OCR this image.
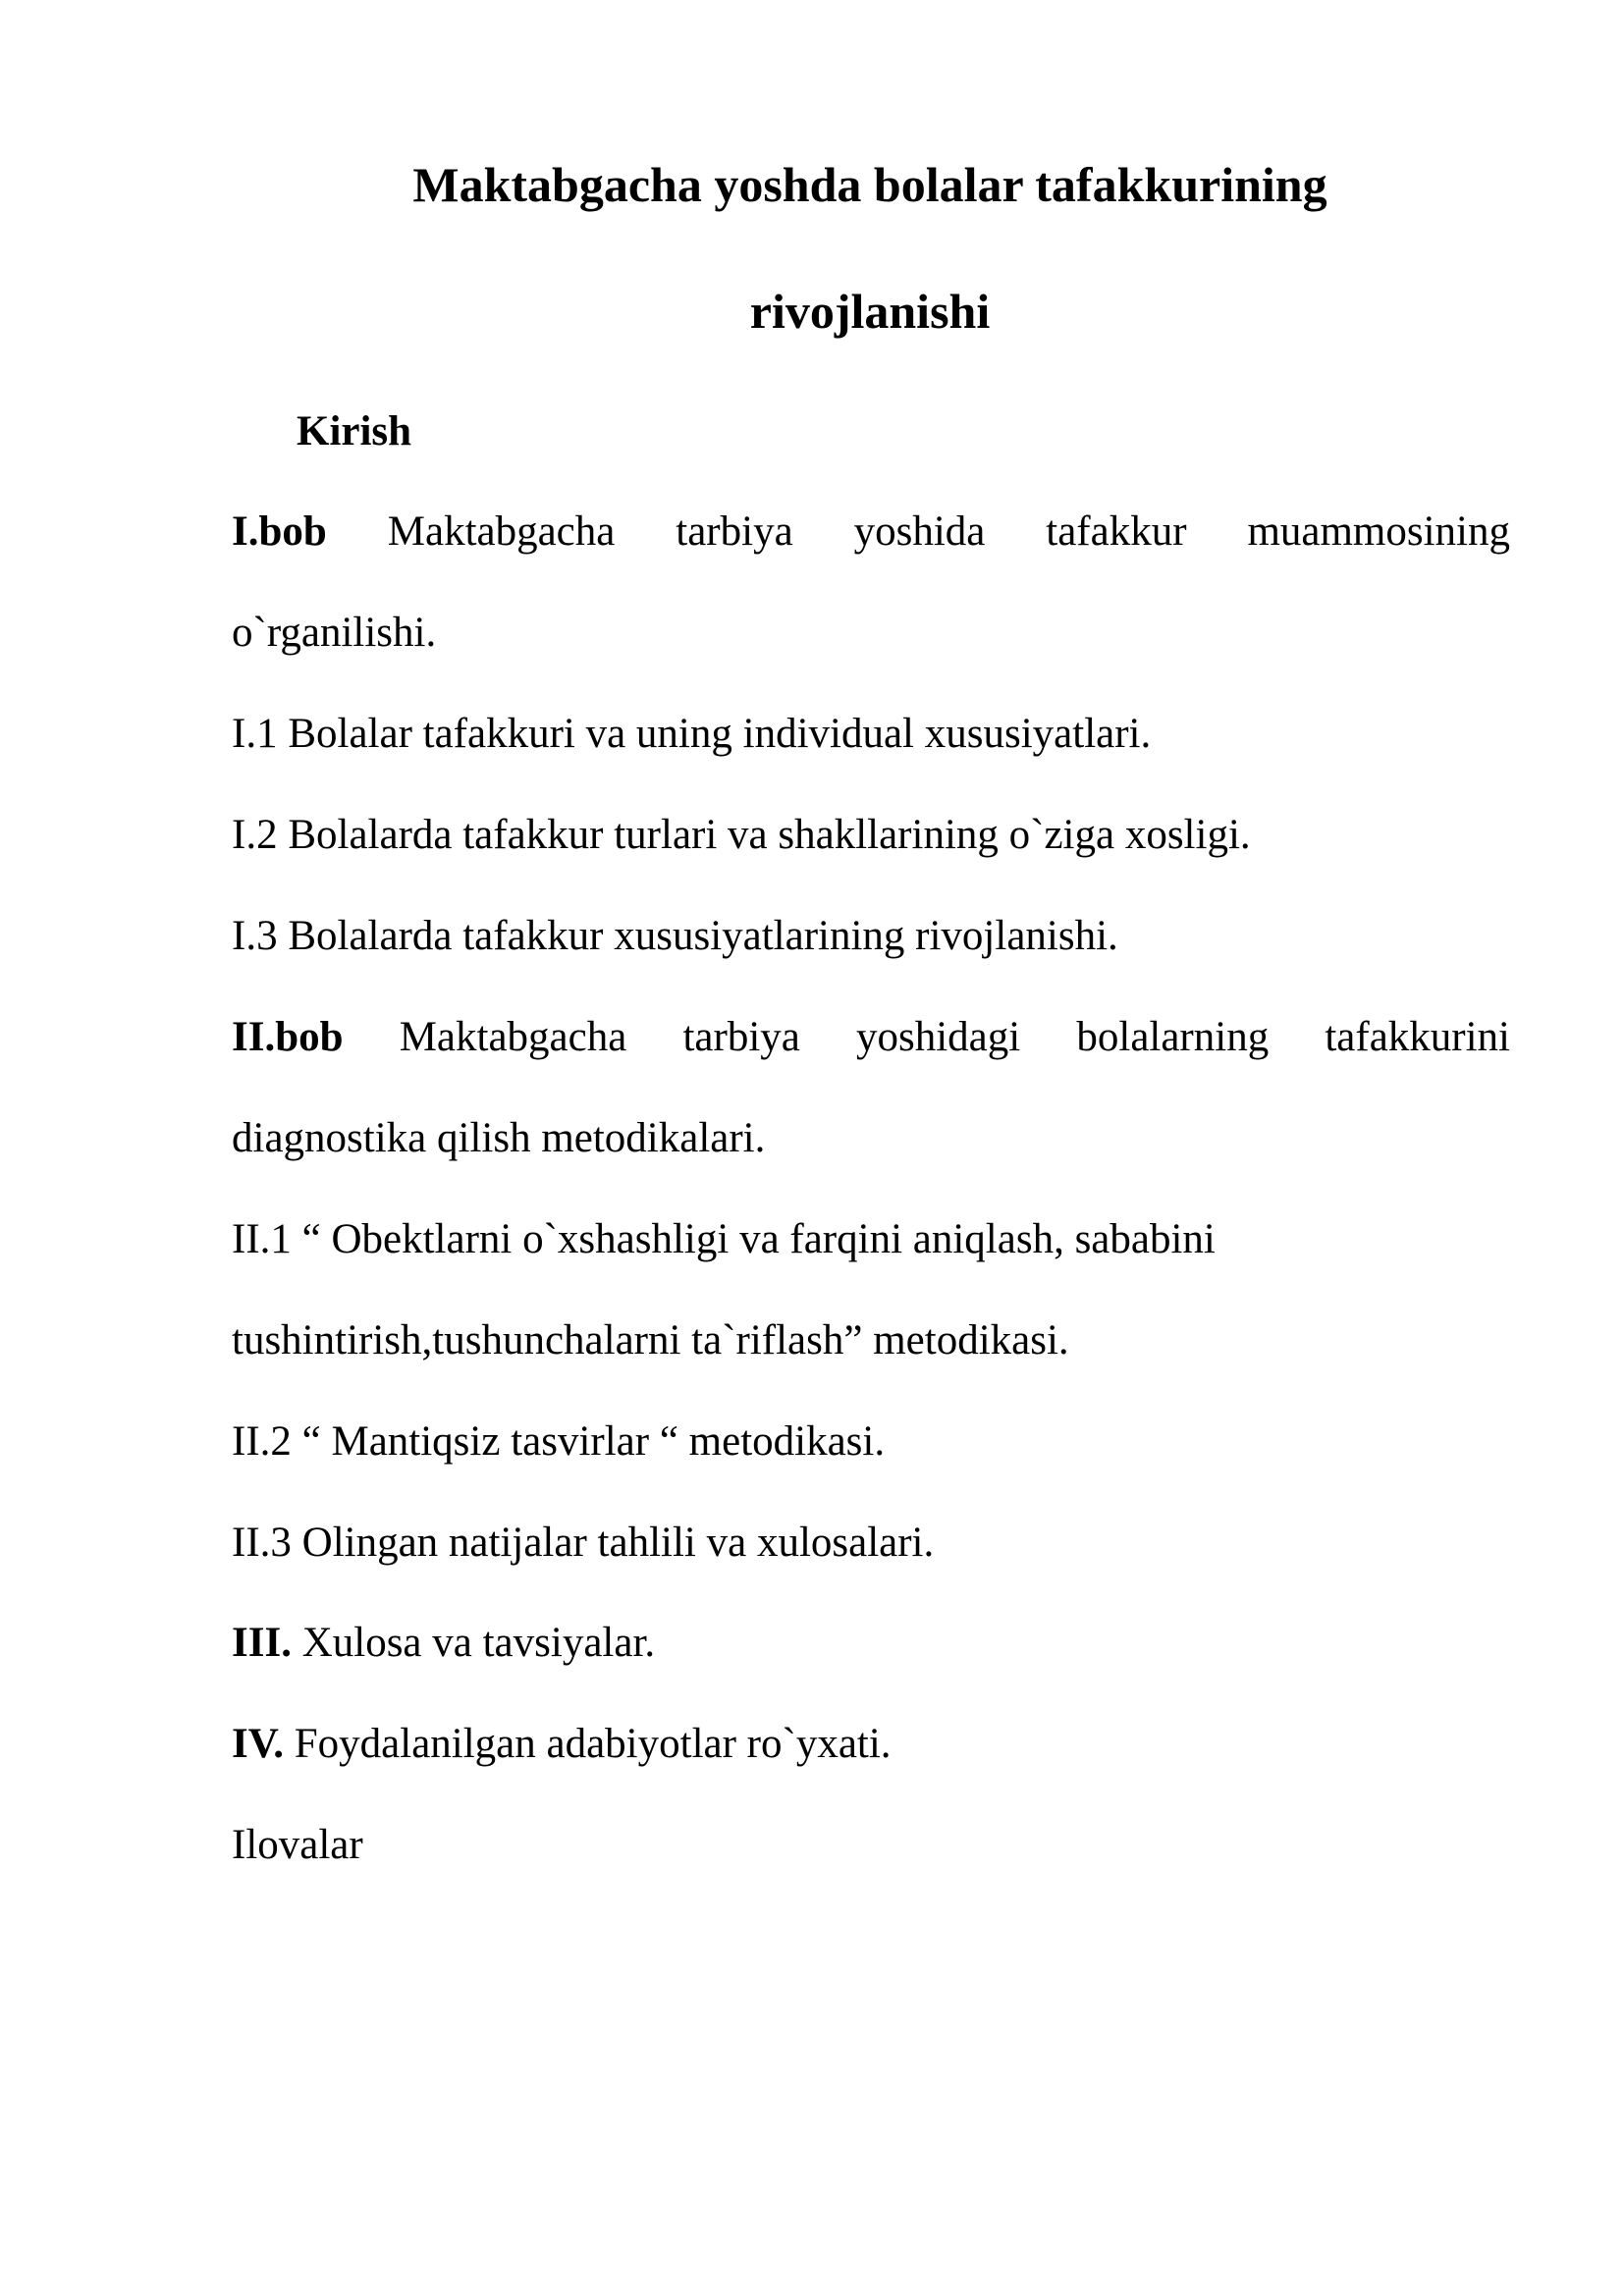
Maktabgacha yoshda bolalar tafakkurining
rivojlanishi

Kirish

I.bob Maktabgacha tarbiya yoshida tafakkur muammosining

o`rganilishi.

I.1 Bolalar tafakkuri va uning individual xususiyatlari.

I.2 Bolalarda tafakkur turlari va shakllarining o`ziga xosligi.

I.3 Bolalarda tafakkur xususiyatlarining rivojlanishi.

II.bob Maktabgacha tarbiya yoshidagi bolalarning tafakkurini

diagnostika qilish metodikalari.

II.1 “ Obektlarni o`xshashligi va farqini aniqlash, sababini

tushintirish,tushunchalarni ta`riflash” metodikasi.

II.2 “ Mantiqsiz tasvirlar “ metodikasi.

II.3 Olingan natijalar tahlili va xulosalari.

III. Xulosa va tavsiyalar.

IV. Foydalanilgan adabiyotlar ro`yxati.

Ilovalar
